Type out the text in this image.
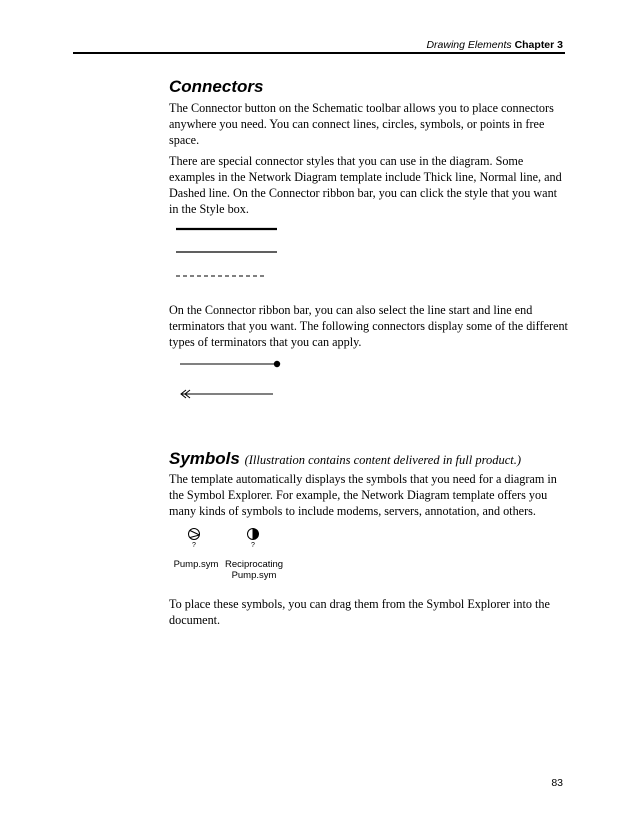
Drawing Elements Chapter 3
Connectors

The Connector button on the Schematic toolbar allows you to place connectors anywhere you need. You can connect lines, circles, symbols, or points in free space.

There are special connector styles that you can use in the diagram. Some examples in the Network Diagram template include Thick line, Normal line, and Dashed line. On the Connector ribbon bar, you can click the style that you want in the Style box.

On the Connector ribbon bar, you can also select the line start and line end terminators that you want. The following connectors display some of the different types of terminators that you can apply.

Symbols (Illustration contains content delivered in full product.)

The template automatically displays the symbols that you need for a diagram in the Symbol Explorer. For example, the Network Diagram template offers you many kinds of symbols to include modems, servers, annotation, and others.

?	?
Pump.sym Reciprocating
Pump.sym

To place these symbols, you can drag them from the Symbol Explorer into the document.

83
